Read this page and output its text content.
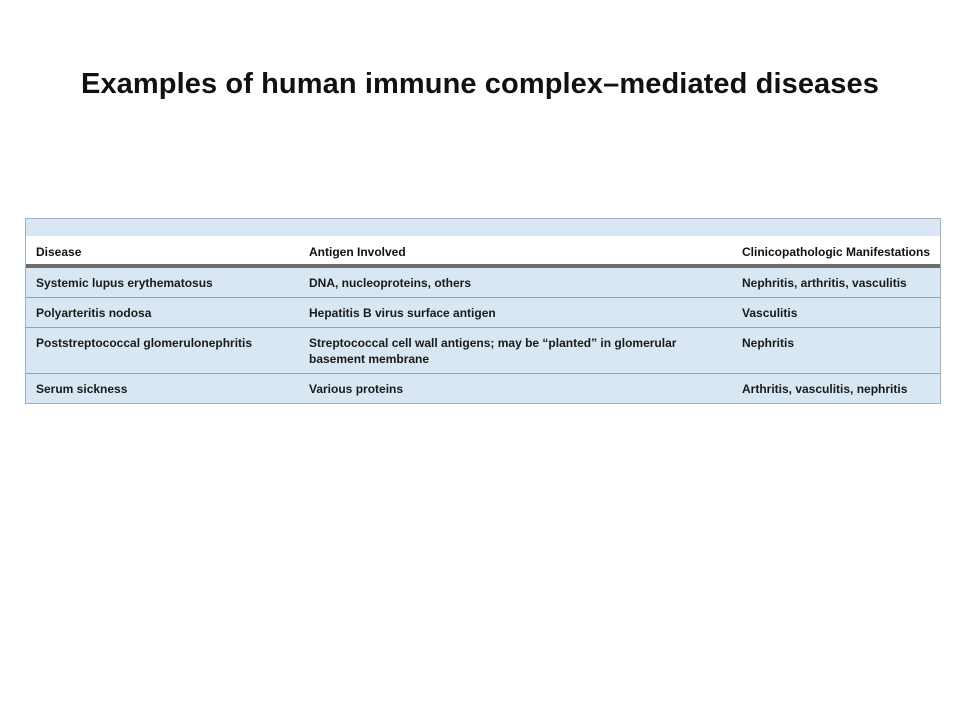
Examples of human immune complex–mediated diseases
Disease	Antigen Involved	Clinicopathologic Manifestations
Systemic lupus erythematosus	DNA, nucleoproteins, others	Nephritis, arthritis, vasculitis
Polyarteritis nodosa	Hepatitis B virus surface antigen	Vasculitis
Poststreptococcal glomerulonephritis	Streptococcal cell wall antigens; may be “planted” in glomerular basement membrane	Nephritis
Serum sickness	Various proteins	Arthritis, vasculitis, nephritis
